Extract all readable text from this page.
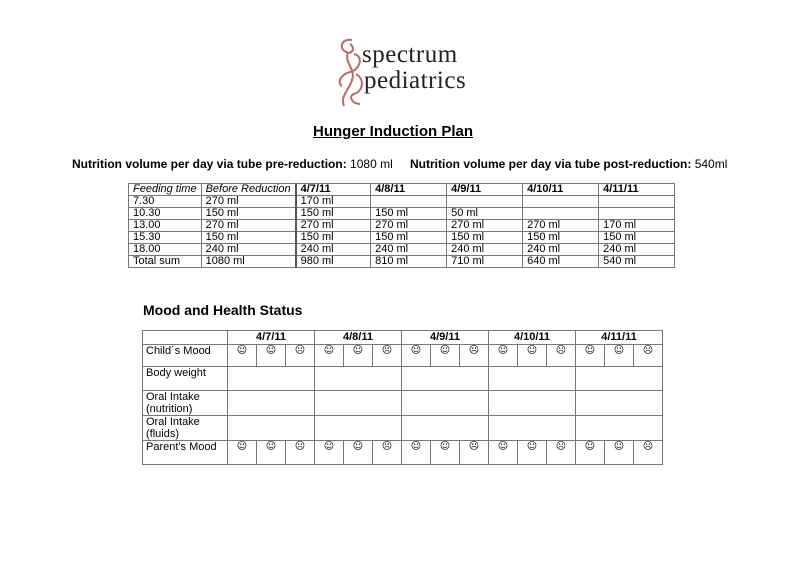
spectrum
pediatrics
Hunger Induction Plan
Nutrition volume per day via tube pre-reduction: 1080 ml Nutrition volume per day via tube post-reduction: 540ml
Feeding time	Before Reduction	4/7/11	4/8/11	4/9/11	4/10/11	4/11/11
7.30	270 ml	170 ml				
10.30	150 ml	150 ml	150 ml	50 ml		
13.00	270 ml	270 ml	270 ml	270 ml	270 ml	170 ml
15.30	150 ml	150 ml	150 ml	150 ml	150 ml	150 ml
18.00	240 ml	240 ml	240 ml	240 ml	240 ml	240 ml
Total sum	1080 ml	980 ml	810 ml	710 ml	640 ml	540 ml
Mood and Health Status
	4/7/11			4/8/11			4/9/11			4/10/11			4/11/11		
Child´s Mood	☺	☺	☹	☺	☺	☹	☺	☺	☹	☺	☺	☹	☺	☺	☹
Body weight															
Oral Intake (nutrition)															
Oral Intake (fluids)															
Parent's Mood	☺	☺	☹	☺	☺	☹	☺	☺	☹	☺	☺	☹	☺	☺	☹
